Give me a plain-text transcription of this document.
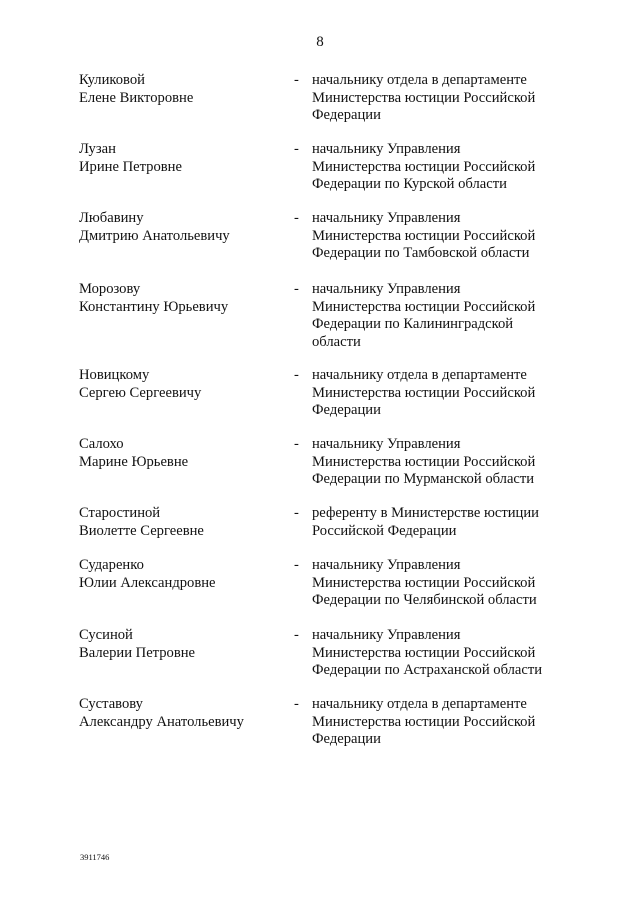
8
Куликовой
Елене Викторовне
- начальнику отдела в департаменте
Министерства юстиции Российской
Федерации
Лузан
Ирине Петровне
- начальнику Управления
Министерства юстиции Российской
Федерации по Курской области
Любавину
Дмитрию Анатольевичу
- начальнику Управления
Министерства юстиции Российской
Федерации по Тамбовской области
Морозову
Константину Юрьевичу
- начальнику Управления
Министерства юстиции Российской
Федерации по Калининградской
области
Новицкому
Сергею Сергеевичу
- начальнику отдела в департаменте
Министерства юстиции Российской
Федерации
Салохо
Марине Юрьевне
- начальнику Управления
Министерства юстиции Российской
Федерации по Мурманской области
Старостиной
Виолетте Сергеевне
- референту в Министерстве юстиции
Российской Федерации
Сударенко
Юлии Александровне
- начальнику Управления
Министерства юстиции Российской
Федерации по Челябинской области
Сусиной
Валерии Петровне
- начальнику Управления
Министерства юстиции Российской
Федерации по Астраханской области
Суставову
Александру Анатольевичу
- начальнику отдела в департаменте
Министерства юстиции Российской
Федерации
3911746
